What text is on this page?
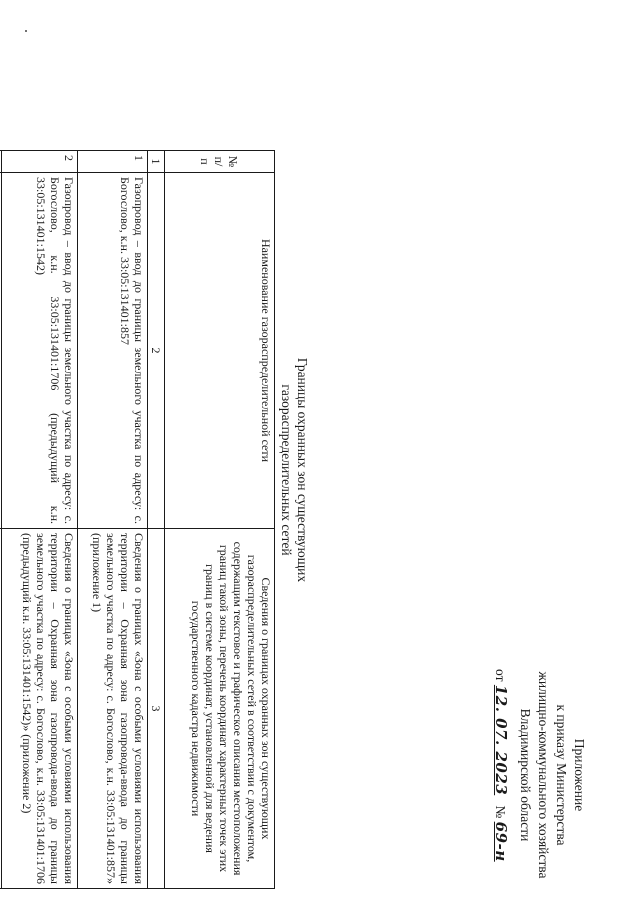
Приложение
к приказу Министерства
жилищно-коммунального хозяйства
Владимирской области
от 12. 07. 2023   № 69-н
Границы охранных зон существующих
газораспределительных сетей
№ п/п	Наименование газораспределительной сети	Сведения о границах охранных зон существующих газораспределительных сетей в соответствии с документом, содержащим текстовое и графическое описания местоположения границ такой зоны, перечень координат характерных точек этих границ в системе координат, установленной для ведения государственного кадастра недвижимости
1	2	3
1	Газопровод – ввод до границы земельного участка по адресу: с. Богослово, к.н. 33:05:131401:857	Сведения о границах «Зона с особыми условиями использования территории – Охранная зона газопровода-ввода до границы земельного участка по адресу: с. Богослово, к.н. 33:05:131401:857» (приложение 1)
2	Газопровод – ввод до границы земельного участка по адресу: с. Богослово, к.н. 33:05:131401:1706 (предыдущий к.н. 33:05:131401:1542)	Сведения о границах «Зона с особыми условиями использования территории – Охранная зона газопровода-ввода до границы земельного участка по адресу: с. Богослово, к.н. 33:05:131401:1706 (предыдущий к.н. 33:05:131401:1542)» (приложение 2)
